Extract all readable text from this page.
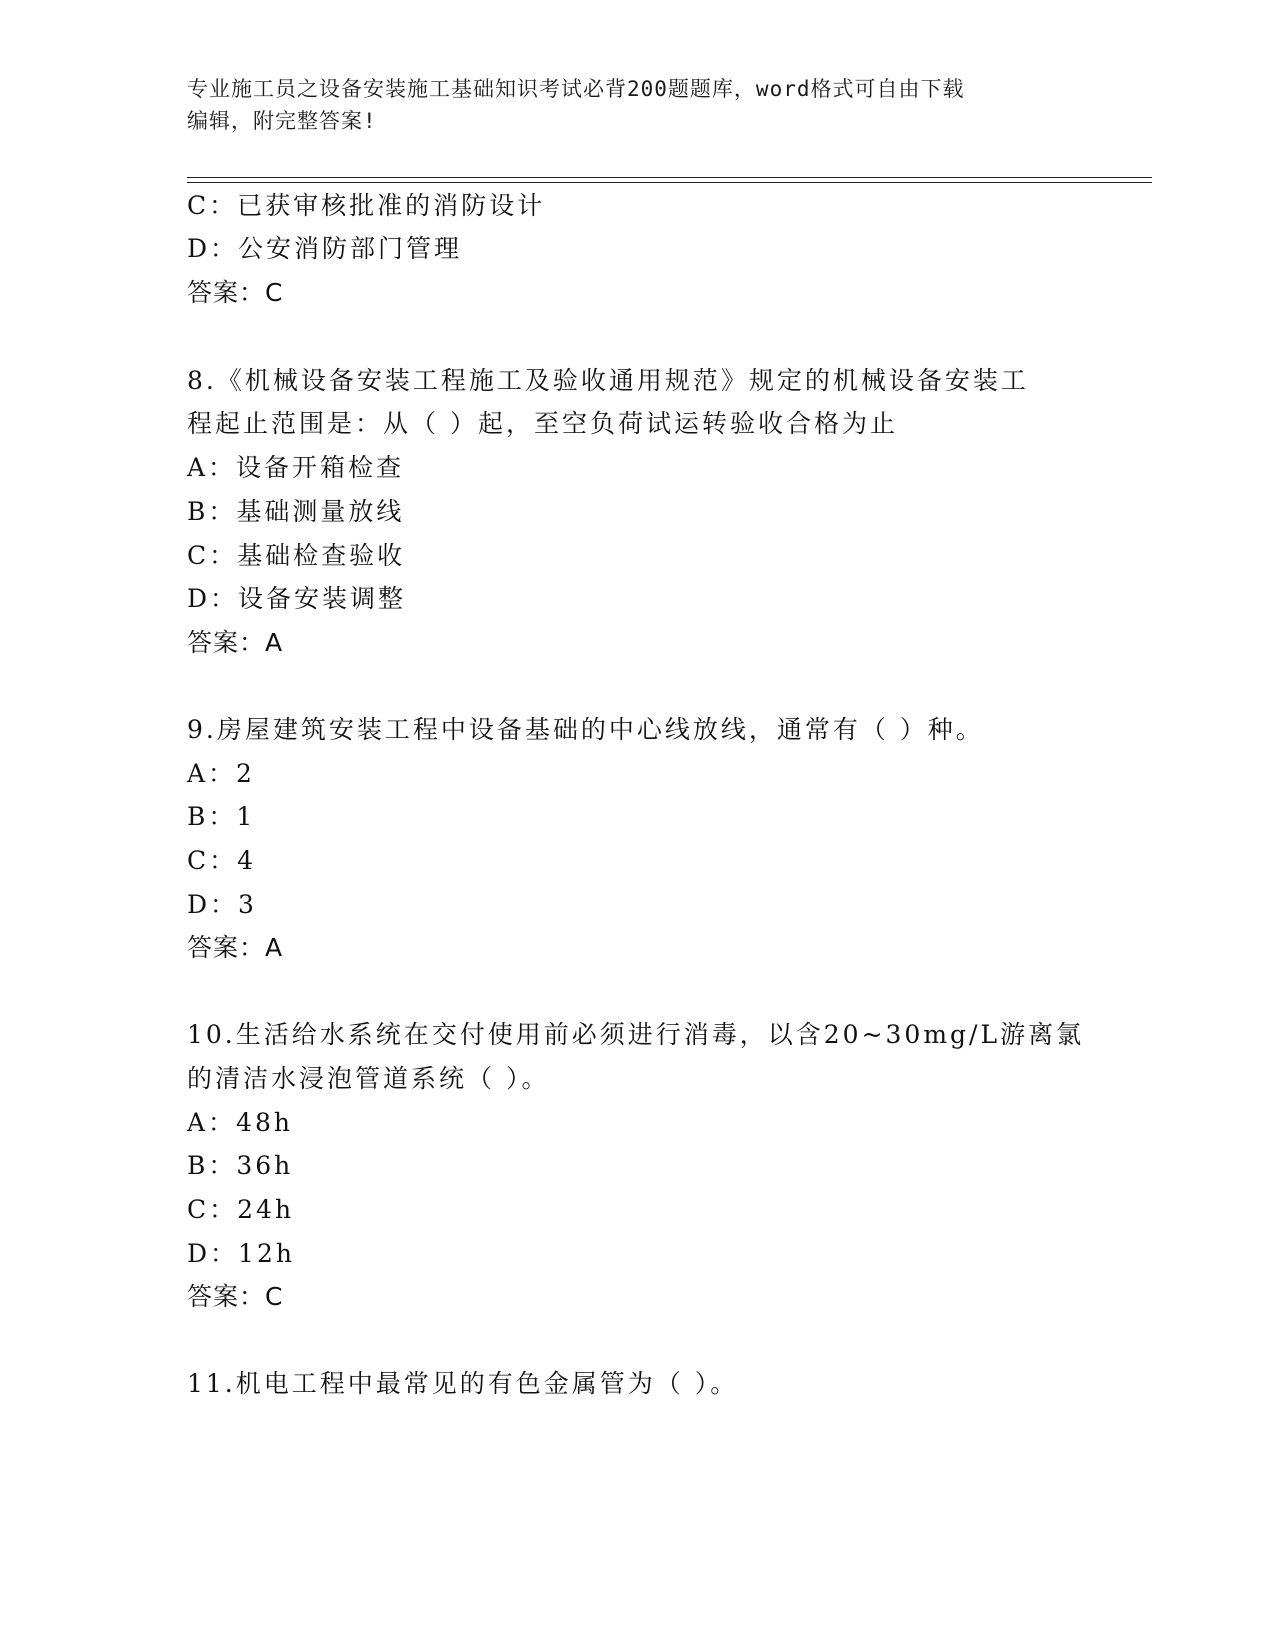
专业施工员之设备安装施工基础知识考试必背200题题库，word格式可自由下载
编辑，附完整答案!
C：已获审核批准的消防设计
D：公安消防部门管理
答案：C
8.《机械设备安装工程施工及验收通用规范》规定的机械设备安装工
程起止范围是：从（ ）起，至空负荷试运转验收合格为止
A：设备开箱检查
B：基础测量放线
C：基础检查验收
D：设备安装调整
答案：A
9.房屋建筑安装工程中设备基础的中心线放线，通常有（ ）种。
A：2
B：1
C：4
D：3
答案：A
10.生活给水系统在交付使用前必须进行消毒，以含20~30mg/L游离氯
的清洁水浸泡管道系统（ ）。
A：48h
B：36h
C：24h
D：12h
答案：C
11.机电工程中最常见的有色金属管为（ ）。
